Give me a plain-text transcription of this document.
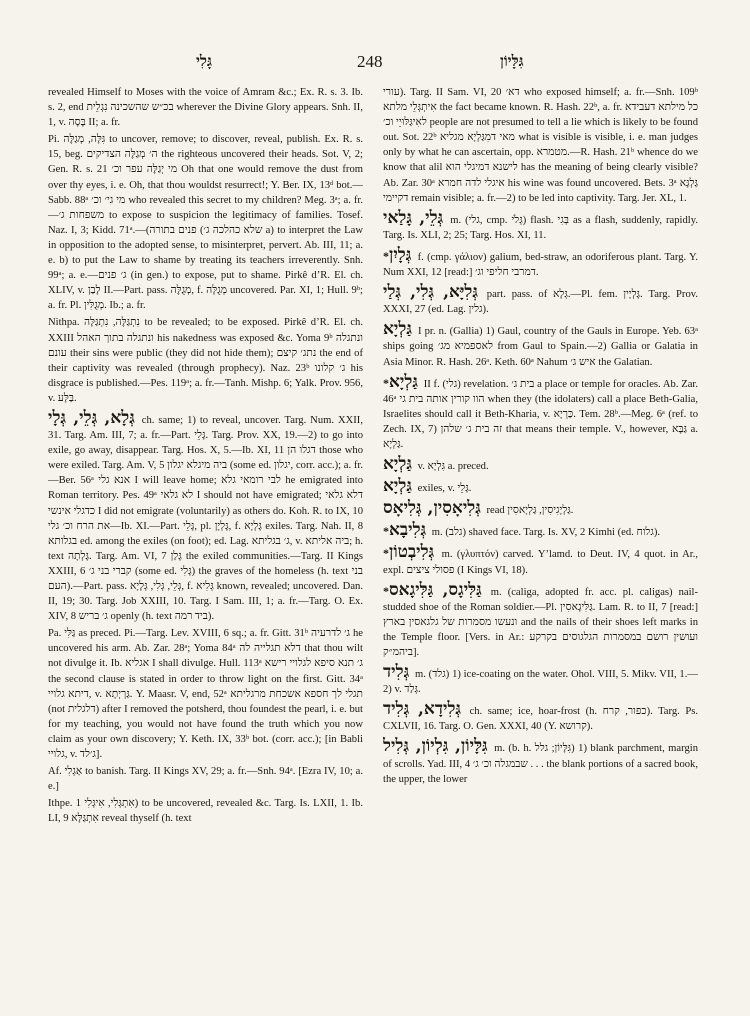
גָּלִי	248	גִּלָּיוֹן

revealed Himself to Moses with the voice of Amram &c.; Ex. R. s. 3. Ib. s. 2, end בכ״ש שהשכינה נִגְלֵית wherever the Divine Glory appears. Snh. II, 1, v. בָּסָה II; a. fr.

Pi. גִּלָּה, מְגַלֶּה to uncover, remove; to discover, reveal, publish. Ex. R. s. 15, beg. ה׳ מְגַלֶּה הצדיקים the righteous uncovered their heads. Sot. V, 2; Gen. R. s. 21 מי יְגַלֶּה עפר וכ׳ Oh that one would remove the dust from over thy eyes, i. e. Oh, that thou wouldst resurrect!; Y. Ber. IX, 13ᵈ bot.—Sabb. 88ᵃ מי גי׳ וכ׳ who revealed this secret to my children? Meg. 3ᵃ; a. fr.—משפחות ג׳ to expose to suspicion the legitimacy of families. Tosef. Naz. I, 3; Kidd. 71ᵃ.—(פנים בתורה (שלא כהלכה ג׳ a) to interpret the Law in opposition to the adopted sense, to misinterpret, pervert. Ab. III, 11; a. e. b) to put the Law to shame by treating its teachers irreverently. Snh. 99ᵃ; a. e.—ג׳ פנים (in gen.) to expose, put to shame. Pirkê d’R. El. ch. XLIV, v. לָבַן II.—Part. pass. מְגֻלֶּה, f. מְגֻלָּה uncovered. Par. XI, 1; Hull. 9ᵇ; a. fr. Pl. מְגֻלִּין. Ib.; a. fr.

Nithpa. נִתְגַּלֶּה, נִתְגַּלָּה to be revealed; to be exposed. Pirkê d’R. El. ch. XXIII ונתגלה בתוך האהל his nakedness was exposed &c. Yoma 9ᵇ ונתגלה עונם their sins were public (they did not hide them); נתג׳ קיצם the end of their captivity was revealed (through prophecy). Naz. 23ᵇ ג׳ קלונו his disgrace is published.—Pes. 119ᵃ; a. fr.—Tanh. Mishp. 6; Yalk. Prov. 956, v. בַּלָּע.

גְּלָא, גְּלֵי, גְּלָי ch. same; 1) to reveal, uncover. Targ. Num. XXII, 31. Targ. Am. III, 7; a. fr.—Part. גָּלֵי. Targ. Prov. XX, 19.—2) to go into exile, go away, disappear. Targ. Hos. X, 5.—Ib. XI, 11 דגלו הן those who were exiled. Targ. Am. V, 5 ביה מיגלא יגלון (some ed. יגלון, corr. acc.); a. fr.—Ber. 56ᵃ אנא גלי I will leave home; לבי רומאי גלא he emigrated into Roman territory. Pes. 49ᵃ לא גלאי I should not have emigrated; דלא גלאי כדגלי אינשי I did not emigrate (voluntarily) as others do. Koh. R. to IX, 10 את הרח וכ׳ גלי—Ib. XI.—Part. גָּלֵי, pl. גָּלְיָן, f. גָּלְיָא exiles. Targ. Nah. II, 8 בגלותא ed. among the exiles (on foot); ed. Lag. ג׳ בגליתא, v. ביה אליתא; h. text גָּלְתָה. Targ. Am. VI, 7 גָּלַן the exiled communities.—Targ. II Kings XXIII, 6 קברי בני ג׳ (some ed. גָּלִי) the graves of the homeless (h. text בני העם).—Part. pass. גְּלֵי, גְּלִי, גְּלָיָא, f. גְּלִיא known, revealed; uncovered. Dan. II, 19; 30. Targ. Job XXIII, 10. Targ. I Sam. III, 1; a. fr.—Targ. O. Ex. XIV, 8 ג׳ בריש openly (h. text ביד רמה).

Pa. גַּלִּי as preced. Pi.—Targ. Lev. XVIII, 6 sq.; a. fr. Gitt. 31ᵇ ג׳ לדרעיה he uncovered his arm. Ab. Zar. 28ᵃ; Yoma 84ᵃ דלא תגלייה לה that thou wilt not divulge it. Ib. אגליא I shall divulge. Hull. 113ᵃ ג׳ תנא סיפא לגלויי רישא the second clause is stated in order to throw light on the first. Gitt. 34ᵃ דיתא גלויי, v. גַּרְיְתָא. Y. Maasr. V, end, 52ᵃ תגלי לך חספא אשכחת מרגליתא (not דלגלית) after I removed the potsherd, thou foundest the pearl, i. e. but for my teaching, you would not have found the truth which you now claim as your own discovery; Y. Keth. IX, 33ᵇ bot. (corr. acc.); [in Babli גלויי, v. ג׳לד].

Af. אַגְלִי to banish. Targ. II Kings XV, 29; a. fr.—Snh. 94ᵃ. [Ezra IV, 10; a. e.]

Ithpe. אִתְגְּלִי, אִיגְּלִי 1) to be uncovered, revealed &c. Targ. Is. LXII, 1. Ib. LI, 9 אִתְגַּלָּא reveal thyself (h. text

עורי). Targ. II Sam. VI, 20 דא׳ who exposed himself; a. fr.—Snh. 109ᵇ אִיתְגְּלֵי מלתא the fact became known. R. Hash. 22ᵇ, a. fr. כל מילתא דעבידא לאִיגַּלּוּיֵי וכ׳ people are not presumed to tell a lie which is likely to be found out. Sot. 22ᵇ מאי דמִגַּלְיָא מגליא what is visible is visible, i. e. man judges only by what he can ascertain, opp. מטמרא.—R. Hash. 21ᵇ whence do we know that alil לישנא דמיגלי הוא has the meaning of being clearly visible? Ab. Zar. 30ᵃ איגלי לדה חמרא his wine was found uncovered. Bets. 3ᵃ גַּלְגָּא דקיימי remain visible; a. fr.—2) to be led into captivity. Targ. Jer. XL, 1.

גְּלֵי, גָּלַאי m. (גלי, cmp. גְּלֹי) flash. בְּגִי as a flash, suddenly, rapidly. Targ. Is. XLI, 2; 25; Targ. Hos. XI, 11.

*גְּלָיִן f. (cmp. γάλιον) galium, bed-straw, an odoriferous plant. Targ. Y. Num XXI, 12 [read:] דמרבי חליפי וג׳.

גְּלִיָּא, גְּלִי, גְּלַי part. pass. of גְּלָא.—Pl. fem. גָּלְיָין. Targ. Prov. XXXI, 27 (ed. Lag. גלין).

גַּלְיָא I pr. n. (Gallia) 1) Gaul, country of the Gauls in Europe. Yeb. 63ᵃ ships going לאספמיא מג׳ from Gaul to Spain.—2) Gallia or Galatia in Asia Minor. R. Hash. 26ᵃ. Keth. 60ᵃ Nahum איש ג׳ the Galatian.

*גַּלְיָא II f. (גלי) revelation. בית ג׳ a place or temple for oracles. Ab. Zar. 46ᵃ הוו קורין אותה בית גי when they (the idolaters) call a place Beth-Galia, Israelites should call it Beth-Kharia, v. כַּרְיָא. Tem. 28ᵇ.—Meg. 6ᵃ (ref. to Zech. IX, 7) זה בית ג׳ שלהן that means their temple. V., however, גַּבָּא a. גַּלְיָא.

גַּלְיָא v. גִּלְיָא a. preced.

גַּלְיָא exiles, v. גָּלֵי.

גְּלִיאָסִין, גְּלִיאָס read גַּלְיָגִיסִין, גַּלְיָאסִין.

*גְּלִיבָא m. (גלב) shaved face. Targ. Is. XV, 2 Kimhi (ed. גלוח).

*גְּלִיבְטוֹן m. (γλυπτόν) carved. Y’lamd. to Deut. IV, 4 quot. in Ar., expl. פסולי ציצים (I Kings VI, 18).

*גַּלִּיגָס, גַּלִּיגָאס m. (caliga, adopted fr. acc. pl. caligas) nail-studded shoe of the Roman soldier.—Pl. גַּלִּיגָאסִין. Lam. R. to II, 7 [read:] ונעשו מסמרות של גלגאסין בארץ and the nails of their shoes left marks in the Temple floor. [Vers. in Ar.: ועושין רושם במסמרות הגלגוסים בקרקע ביהמ״ק].

גְּלִיד m. (גלד) 1) ice-coating on the water. Ohol. VIII, 5. Mikv. VII, 1.—2) v. גְּלַד.

גְּלִידָא, גְּלִיד ch. same; ice, hoar-frost (h. כפור, קרח). Targ. Ps. CXLVII, 16. Targ. O. Gen. XXXI, 40 (Y. קרושא).

גִּלָּיוֹן, גִּלְיוֹן, גְּלִיל m. (b. h. גִּלָּיוֹן; גלל) 1) blank parchment, margin of scrolls. Yad. III, 4 שבמגלה וכ׳ ג׳ . . . the blank portions of a sacred book, the upper, the lower
